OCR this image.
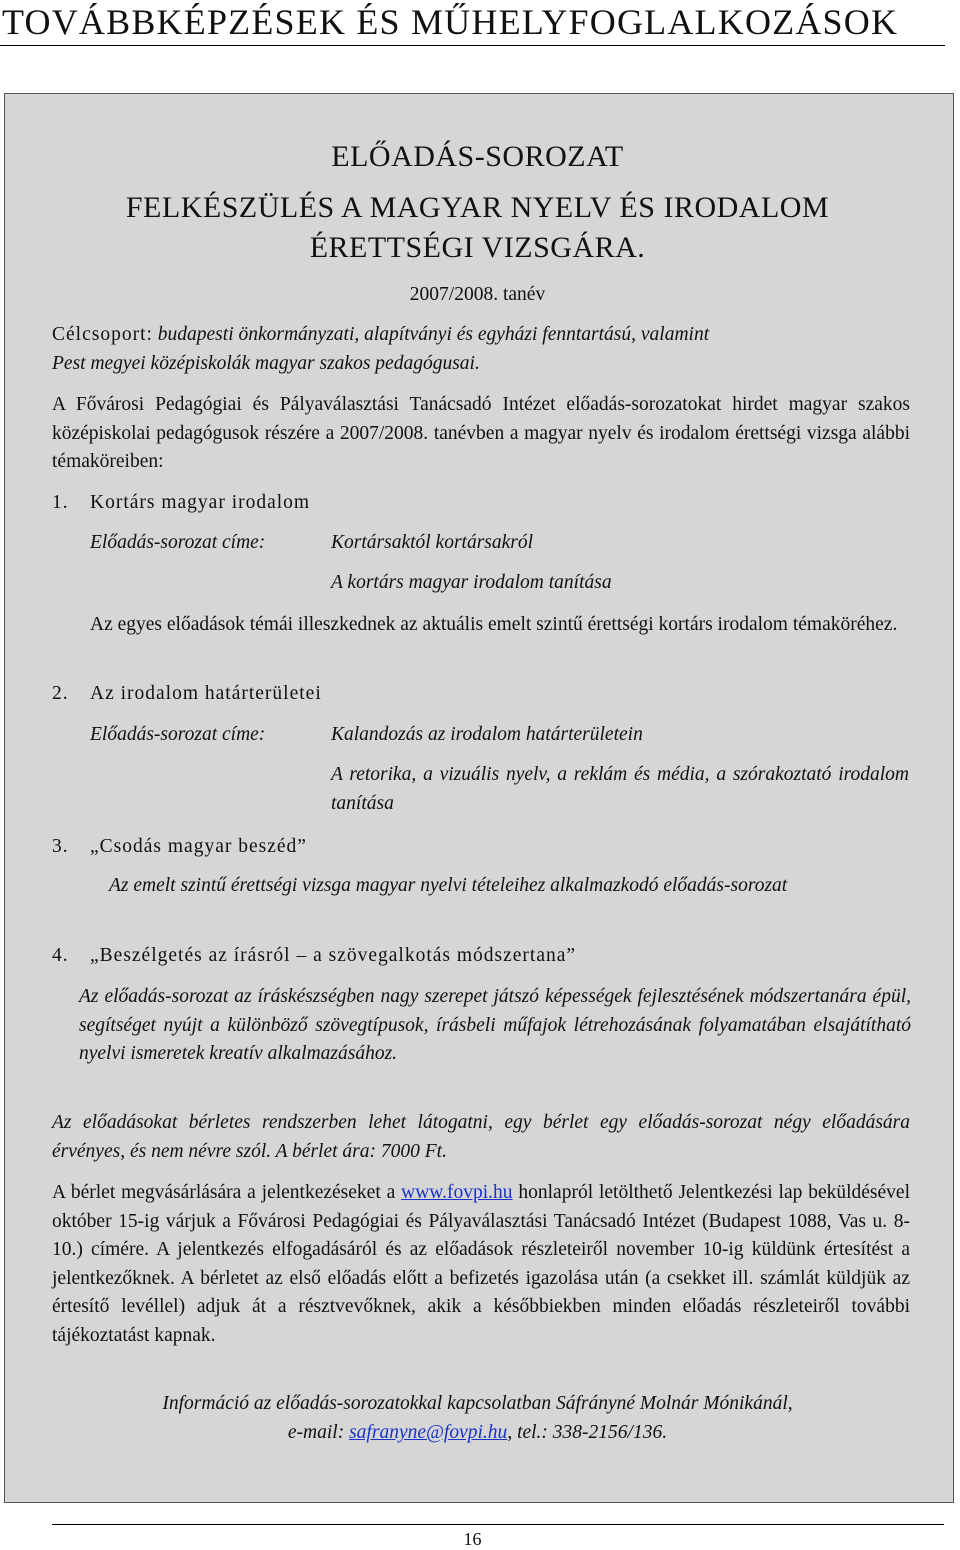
TOVÁBBKÉPZÉSEK ÉS MŰHELYFOGLALKOZÁSOK
ELŐADÁS-SOROZAT
FELKÉSZÜLÉS A MAGYAR NYELV ÉS IRODALOM
ÉRETTSÉGI VIZSGÁRA.
2007/2008. tanév
Célcsoport: budapesti önkormányzati, alapítványi és egyházi fenntartású, valamint
Pest megyei középiskolák magyar szakos pedagógusai.
A Fővárosi Pedagógiai és Pályaválasztási Tanácsadó Intézet előadás-sorozatokat hirdet magyar szakos középiskolai pedagógusok részére a 2007/2008. tanévben a magyar nyelv és irodalom érettségi vizsga alábbi témaköreiben:
1. Kortárs magyar irodalom
Előadás-sorozat címe:	Kortársaktól kortársakról
A kortárs magyar irodalom tanítása
Az egyes előadások témái illeszkednek az aktuális emelt szintű érettségi kortárs irodalom témaköréhez.
2. Az irodalom határterületei
Előadás-sorozat címe:	Kalandozás az irodalom határterületein
A retorika, a vizuális nyelv, a reklám és média, a szórakoztató irodalom tanítása
3. „Csodás magyar beszéd”
Az emelt szintű érettségi vizsga magyar nyelvi tételeihez alkalmazkodó előadás-sorozat
4. „Beszélgetés az írásról – a szövegalkotás módszertana”
Az előadás-sorozat az íráskészségben nagy szerepet játszó képességek fejlesztésének módszertanára épül, segítséget nyújt a különböző szövegtípusok, írásbeli műfajok létrehozásának folyamatában elsajátítható nyelvi ismeretek kreatív alkalmazásához.
Az előadásokat bérletes rendszerben lehet látogatni, egy bérlet egy előadás-sorozat négy előadására érvényes, és nem névre szól. A bérlet ára: 7000 Ft.
A bérlet megvásárlására a jelentkezéseket a www.fovpi.hu honlapról letölthető Jelentkezési lap beküldésével október 15-ig várjuk a Fővárosi Pedagógiai és Pályaválasztási Tanácsadó Intézet (Budapest 1088, Vas u. 8-10.) címére. A jelentkezés elfogadásáról és az előadások részleteiről november 10-ig küldünk értesítést a jelentkezőknek. A bérletet az első előadás előtt a befizetés igazolása után (a csekket ill. számlát küldjük az értesítő levéllel) adjuk át a résztvevőknek, akik a későbbiekben minden előadás részleteiről további tájékoztatást kapnak.
Információ az előadás-sorozatokkal kapcsolatban Sáfrányné Molnár Mónikánál,
e-mail: safranyne@fovpi.hu, tel.: 338-2156/136.
16
